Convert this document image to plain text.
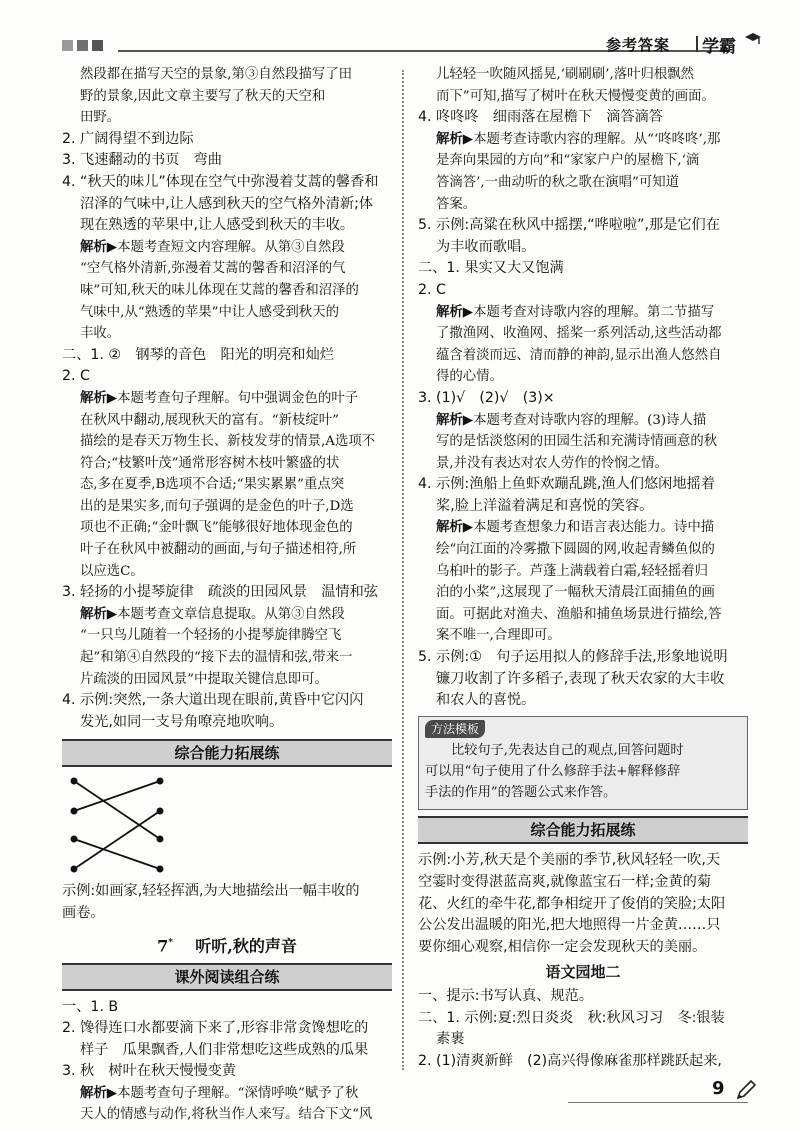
参考答案 学霸

然段都在描写天空的景象,第③自然段描写了田

野的景象,因此文章主要写了秋天的天空和

田野。

2. 广阔得望不到边际

3. 飞速翻动的书页　弯曲

4. “秋天的味儿”体现在空气中弥漫着艾蒿的馨香和

沼泽的气味中,让人感到秋天的空气格外清新;体

现在熟透的苹果中,让人感受到秋天的丰收。

解析▶本题考查短文内容理解。从第③自然段

“空气格外清新,弥漫着艾蒿的馨香和沼泽的气

味”可知,秋天的味儿体现在艾蒿的馨香和沼泽的

气味中,从“熟透的苹果”中让人感受到秋天的

丰收。

二、1. ②　钢琴的音色　阳光的明亮和灿烂

2. C

解析▶本题考查句子理解。句中强调金色的叶子

在秋风中翻动,展现秋天的富有。“新枝绽叶”

描绘的是春天万物生长、新枝发芽的情景,A选项不

符合;“枝繁叶茂”通常形容树木枝叶繁盛的状

态,多在夏季,B选项不合适;“果实累累”重点突

出的是果实多,而句子强调的是金色的叶子,D选

项也不正确;“金叶飘飞”能够很好地体现金色的

叶子在秋风中被翻动的画面,与句子描述相符,所

以应选C。

3. 轻扬的小提琴旋律　疏淡的田园风景　温情和弦

解析▶本题考查文章信息提取。从第③自然段

“一只鸟儿随着一个轻扬的小提琴旋律腾空飞

起”和第④自然段的“接下去的温情和弦,带来一

片疏淡的田园风景”中提取关键信息即可。

4. 示例:突然,一条大道出现在眼前,黄昏中它闪闪

发光,如同一支号角嘹亮地吹响。

综合能力拓展练

示例:如画家,轻轻挥洒,为大地描绘出一幅丰收的

画卷。

7* 听听,秋的声音
课外阅读组合练

一、1. B

2. 馋得连口水都要滴下来了,形容非常贪馋想吃的

样子　瓜果飘香,人们非常想吃这些成熟的瓜果

3. 秋　树叶在秋天慢慢变黄

解析▶本题考查句子理解。“深情呼唤”赋予了秋

天人的情感与动作,将秋当作人来写。结合下文“风

儿轻轻一吹随风摇晃,‘刷刷刷’,落叶归根飘然

而下”可知,描写了树叶在秋天慢慢变黄的画面。

4. 咚咚咚　细雨落在屋檐下　滴答滴答

解析▶本题考查诗歌内容的理解。从“‘咚咚咚’,那

是奔向果园的方向”和“家家户户的屋檐下,‘滴

答滴答’,一曲动听的秋之歌在演唱”可知道

答案。

5. 示例:高粱在秋风中摇摆,“哗啦啦”,那是它们在

为丰收而歌唱。

二、1. 果实又大又饱满

2. C

解析▶本题考查对诗歌内容的理解。第二节描写

了撒渔网、收渔网、摇桨一系列活动,这些活动都

蕴含着淡而远、清而静的神韵,显示出渔人悠然自

得的心情。

3. (1)√　(2)√　(3)×

解析▶本题考查对诗歌内容的理解。(3)诗人描

写的是恬淡悠闲的田园生活和充满诗情画意的秋

景,并没有表达对农人劳作的怜悯之情。

4. 示例:渔船上鱼虾欢蹦乱跳,渔人们悠闲地摇着

桨,脸上洋溢着满足和喜悦的笑容。

解析▶本题考查想象力和语言表达能力。诗中描

绘“向江面的冷雾撒下圆圆的网,收起青鳞鱼似的

乌桕叶的影子。芦蓬上满载着白霜,轻轻摇着归

泊的小桨”,这展现了一幅秋天清晨江面捕鱼的画

面。可据此对渔夫、渔船和捕鱼场景进行描绘,答

案不唯一,合理即可。

5. 示例:①　句子运用拟人的修辞手法,形象地说明

镰刀收割了许多稻子,表现了秋天农家的大丰收

和农人的喜悦。

方法模板
比较句子,先表达自己的观点,回答问题时
可以用“句子使用了什么修辞手法+解释修辞
手法的作用”的答题公式来作答。
综合能力拓展练

示例:小芳,秋天是个美丽的季节,秋风轻轻一吹,天

空霎时变得湛蓝高爽,就像蓝宝石一样;金黄的菊

花、火红的牵牛花,都争相绽开了俊俏的笑脸;太阳

公公发出温暖的阳光,把大地照得一片金黄……只

要你细心观察,相信你一定会发现秋天的美丽。

语文园地二

一、提示:书写认真、规范。

二、1. 示例:夏:烈日炎炎　秋:秋风习习　冬:银装

素裹

2. (1)清爽新鲜　(2)高兴得像麻雀那样跳跃起来,

9
